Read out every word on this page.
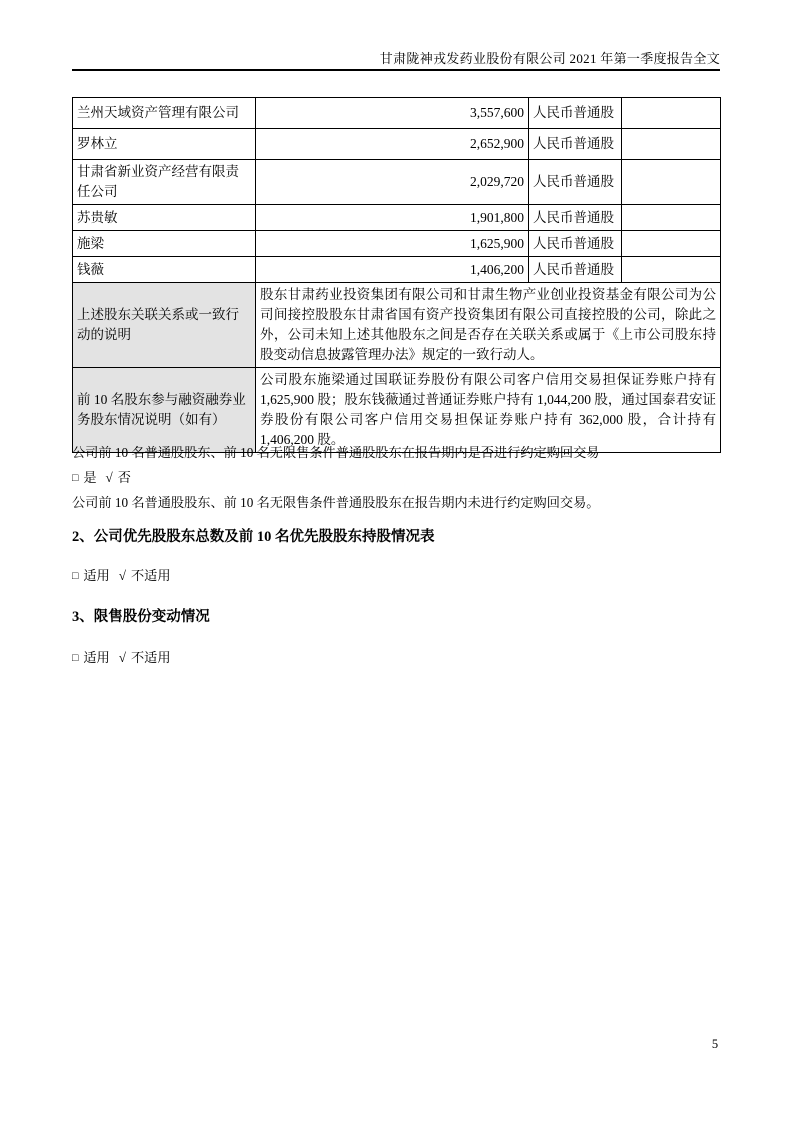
甘肃陇神戎发药业股份有限公司 2021 年第一季度报告全文
兰州天域资产管理有限公司	3,557,600	人民币普通股	
罗林立	2,652,900	人民币普通股	
甘肃省新业资产经营有限责任公司	2,029,720	人民币普通股	
苏贵敏	1,901,800	人民币普通股	
施梁	1,625,900	人民币普通股	
钱薇	1,406,200	人民币普通股	
上述股东关联关系或一致行动的说明	股东甘肃药业投资集团有限公司和甘肃生物产业创业投资基金有限公司为公司间接控股股东甘肃省国有资产投资集团有限公司直接控股的公司，除此之外，公司未知上述其他股东之间是否存在关联关系或属于《上市公司股东持股变动信息披露管理办法》规定的一致行动人。		
前 10 名股东参与融资融券业务股东情况说明（如有）	公司股东施梁通过国联证券股份有限公司客户信用交易担保证券账户持有 1,625,900 股；股东钱薇通过普通证券账户持有 1,044,200 股，通过国泰君安证券股份有限公司客户信用交易担保证券账户持有 362,000 股，合计持有 1,406,200 股。		

公司前 10 名普通股股东、前 10 名无限售条件普通股股东在报告期内是否进行约定购回交易

□ 是 √ 否

公司前 10 名普通股股东、前 10 名无限售条件普通股股东在报告期内未进行约定购回交易。

2、公司优先股股东总数及前 10 名优先股股东持股情况表

□ 适用 √ 不适用

3、限售股份变动情况

□ 适用 √ 不适用

5
